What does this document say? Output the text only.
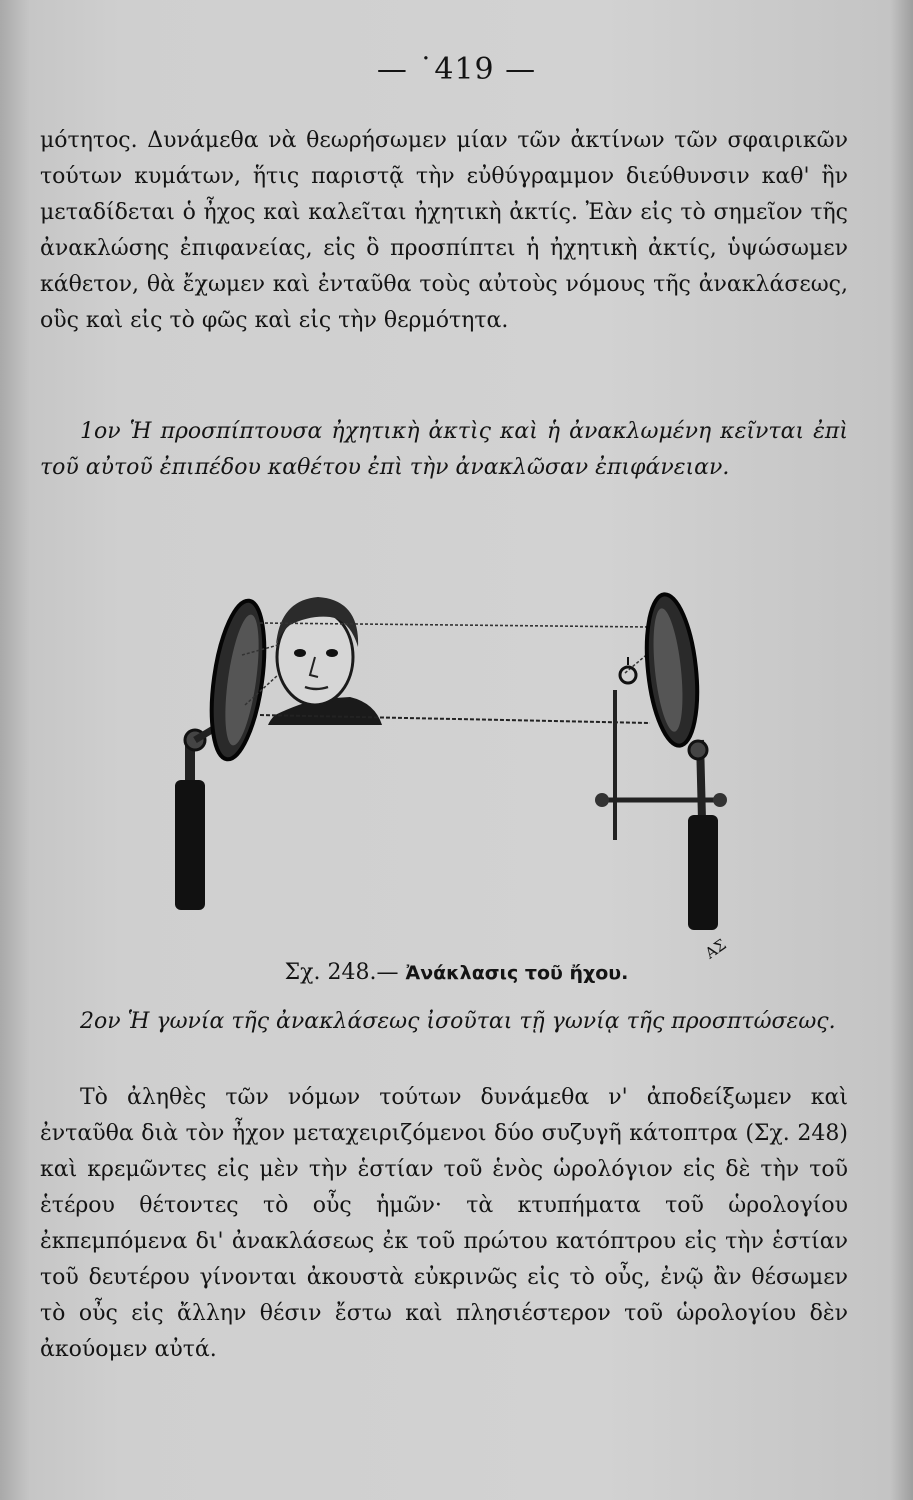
— ˙419 —

μότητος. Δυνάμεθα νὰ θεωρήσωμεν μίαν τῶν ἀκτίνων τῶν σφαιρικῶν τούτων κυμάτων, ἥτις παριστᾷ τὴν εὐθύγραμμον διεύθυνσιν καθ' ἣν μεταδίδεται ὁ ἦχος καὶ καλεῖται ἠχητικὴ ἀκτίς. Ἐὰν εἰς τὸ σημεῖον τῆς ἀνακλώσης ἐπιφανείας, εἰς ὃ προσπίπτει ἡ ἠχητικὴ ἀκτίς, ὑψώσωμεν κάθετον, θὰ ἔχωμεν καὶ ἐνταῦθα τοὺς αὐτοὺς νόμους τῆς ἀνακλάσεως, οὓς καὶ εἰς τὸ φῶς καὶ εἰς τὴν θερμότητα.

1ον Ἡ προσπίπτουσα ἠχητικὴ ἀκτὶς καὶ ἡ ἀνακλωμένη κεῖνται ἐπὶ τοῦ αὐτοῦ ἐπιπέδου καθέτου ἐπὶ τὴν ἀνακλῶσαν ἐπιφάνειαν.

ΑΣ
Σχ. 248.— Ἀνάκλασις τοῦ ἤχου.

2ον Ἡ γωνία τῆς ἀνακλάσεως ἰσοῦται τῇ γωνίᾳ τῆς προσπτώσεως.

Τὸ ἀληθὲς τῶν νόμων τούτων δυνάμεθα ν' ἀποδείξωμεν καὶ ἐνταῦθα διὰ τὸν ἦχον μεταχειριζόμενοι δύο συζυγῆ κάτοπτρα (Σχ. 248) καὶ κρεμῶντες εἰς μὲν τὴν ἑστίαν τοῦ ἑνὸς ὡρολόγιον εἰς δὲ τὴν τοῦ ἑτέρου θέτοντες τὸ οὖς ἡμῶν· τὰ κτυπήματα τοῦ ὡρολογίου ἐκπεμπόμενα δι' ἀνακλάσεως ἐκ τοῦ πρώτου κατόπτρου εἰς τὴν ἑστίαν τοῦ δευτέρου γίνονται ἀκουστὰ εὐκρινῶς εἰς τὸ οὖς, ἐνῷ ἂν θέσωμεν τὸ οὖς εἰς ἄλλην θέσιν ἔστω καὶ πλησιέστερον τοῦ ὡρολογίου δὲν ἀκούομεν αὐτά.
